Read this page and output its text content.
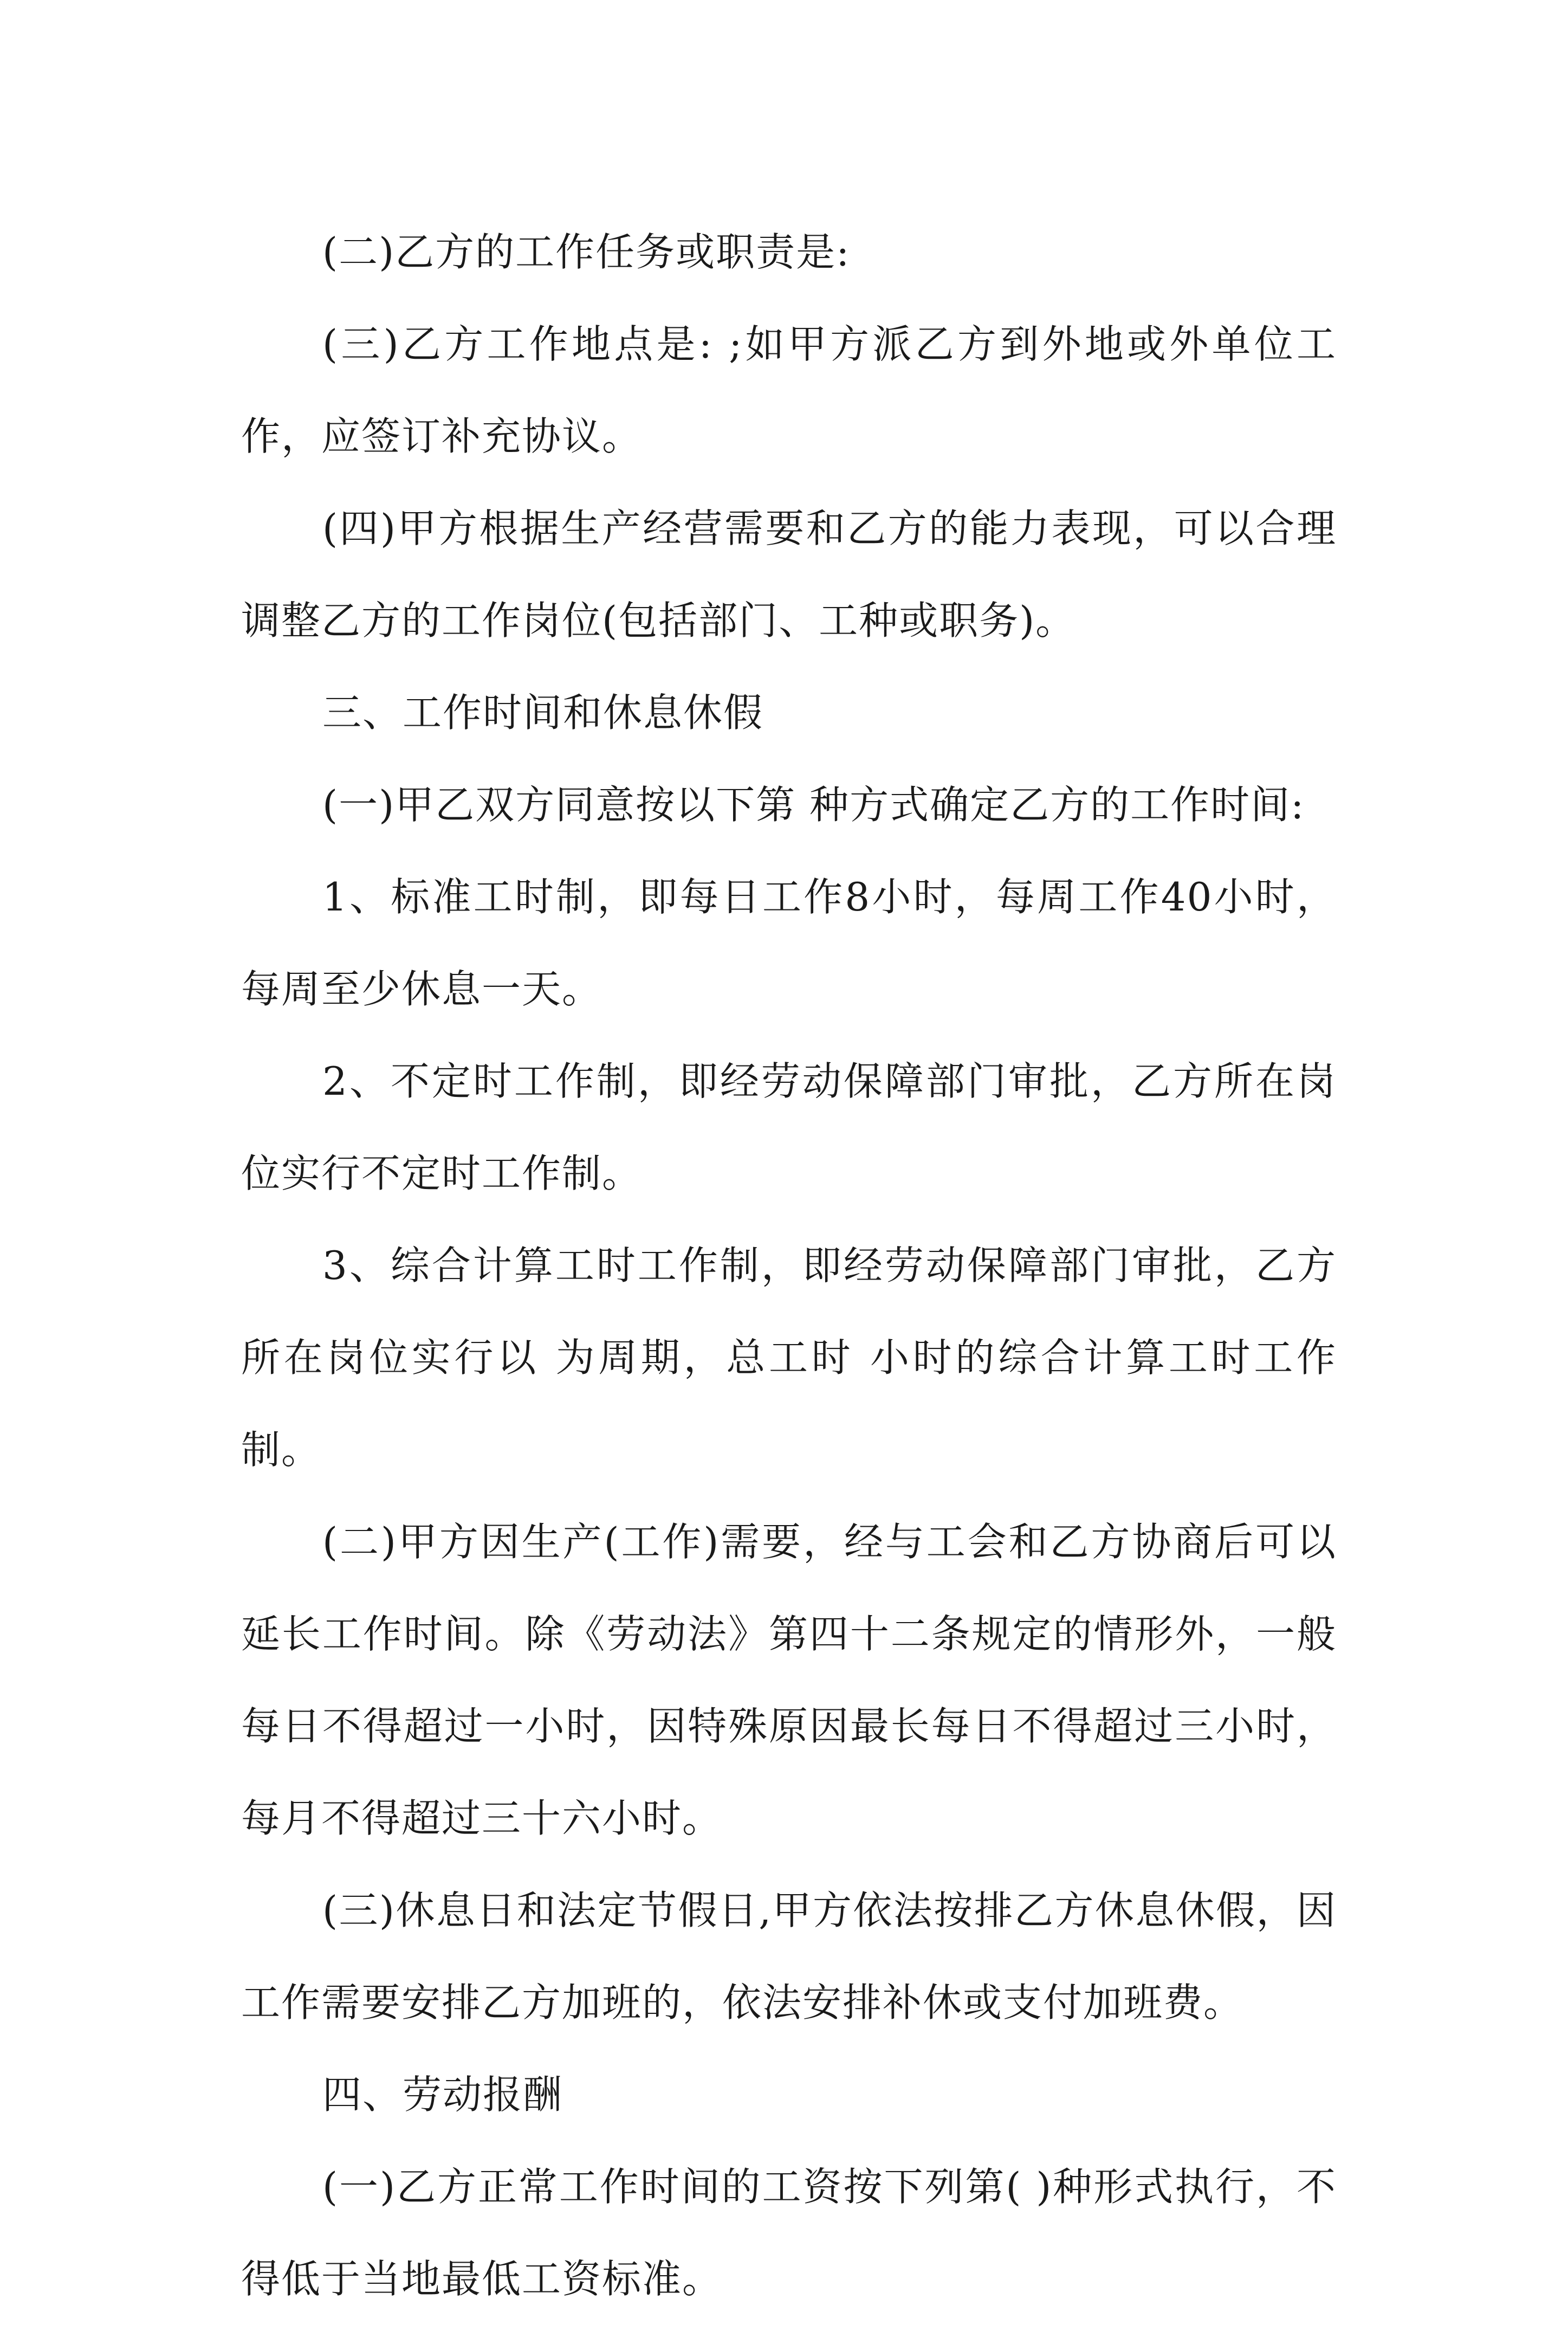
(二)乙方的工作任务或职责是:

(三)乙方工作地点是: ;如甲方派乙方到外地或外单位工作，应签订补充协议。

(四)甲方根据生产经营需要和乙方的能力表现，可以合理调整乙方的工作岗位(包括部门、工种或职务)。

三、工作时间和休息休假

(一)甲乙双方同意按以下第 种方式确定乙方的工作时间:

1、标准工时制，即每日工作8小时，每周工作40小时，每周至少休息一天。

2、不定时工作制，即经劳动保障部门审批，乙方所在岗位实行不定时工作制。

3、综合计算工时工作制，即经劳动保障部门审批，乙方所在岗位实行以 为周期，总工时 小时的综合计算工时工作制。

(二)甲方因生产(工作)需要，经与工会和乙方协商后可以延长工作时间。除《劳动法》第四十二条规定的情形外，一般每日不得超过一小时，因特殊原因最长每日不得超过三小时，每月不得超过三十六小时。

(三)休息日和法定节假日,甲方依法按排乙方休息休假，因工作需要安排乙方加班的，依法安排补休或支付加班费。

四、劳动报酬

(一)乙方正常工作时间的工资按下列第( )种形式执行，不得低于当地最低工资标准。
